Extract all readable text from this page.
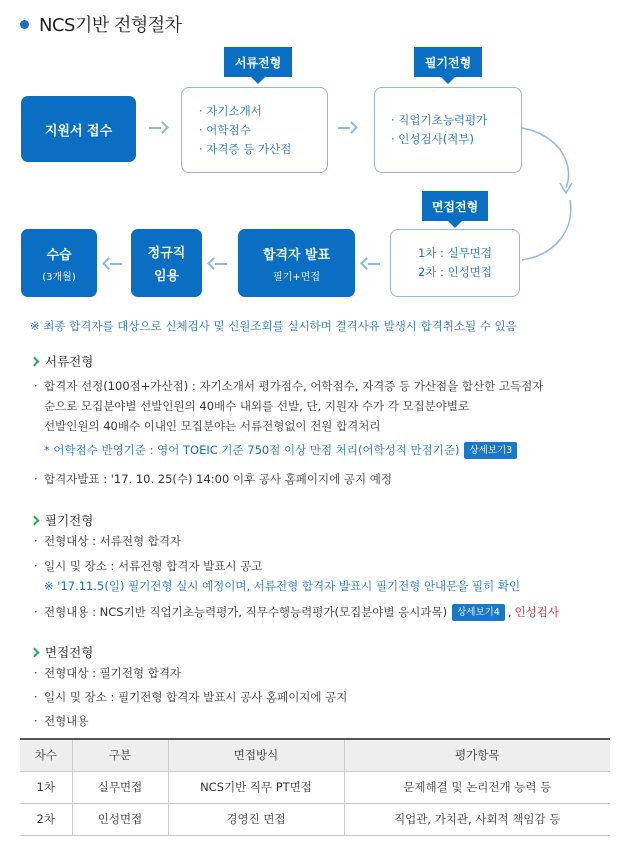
NCS기반 전형절차
지원서 접수
서류전형
· 자기소개서
· 어학점수
· 자격증 등 가산점
필기전형
· 직업기초능력평가
· 인성검사(적부)
면접전형
1차 : 실무면접
2차 : 인성면접
합격자 발표
필기+면접
정규직
임용
수습
(3개월)
※ 최종 합격자를 대상으로 신체검사 및 신원조회를 실시하며 결격사유 발생시 합격취소될 수 있음
서류전형
· 합격자 선정(100점+가산점) : 자기소개서 평가점수, 어학점수, 자격증 등 가산점을 합산한 고득점자
순으로 모집분야별 선발인원의 40배수 내외를 선발, 단, 지원자 수가 각 모집분야별로
선발인원의 40배수 이내인 모집분야는 서류전형없이 전원 합격처리
* 어학점수 반영기준 : 영어 TOEIC 기준 750점 이상 만점 처리(어학성적 만점기준)	상세보기3
· 합격자발표 : '17. 10. 25(수) 14:00 이후 공사 홈페이지에 공지 예정
필기전형
· 전형대상 : 서류전형 합격자
· 일시 및 장소 : 서류전형 합격자 발표시 공고
※ '17.11.5(일) 필기전형 실시 예정이며, 서류전형 합격자 발표시 필기전형 안내문을 필히 확인
· 전형내용 : NCS기반 직업기초능력평가, 직무수행능력평가(모집분야별 응시과목)	상세보기4 , 인성검사
면접전형
· 전형대상 : 필기전형 합격자
· 일시 및 장소 : 필기전형 합격자 발표시 공사 홈페이지에 공지
· 전형내용
차수	구분	면접방식	평가항목
1차	실무면접	NCS기반 직무 PT면접	문제해결 및 논리전개 능력 등
2차	인성면접	경영진 면접	직업관, 가치관, 사회적 책임감 등
